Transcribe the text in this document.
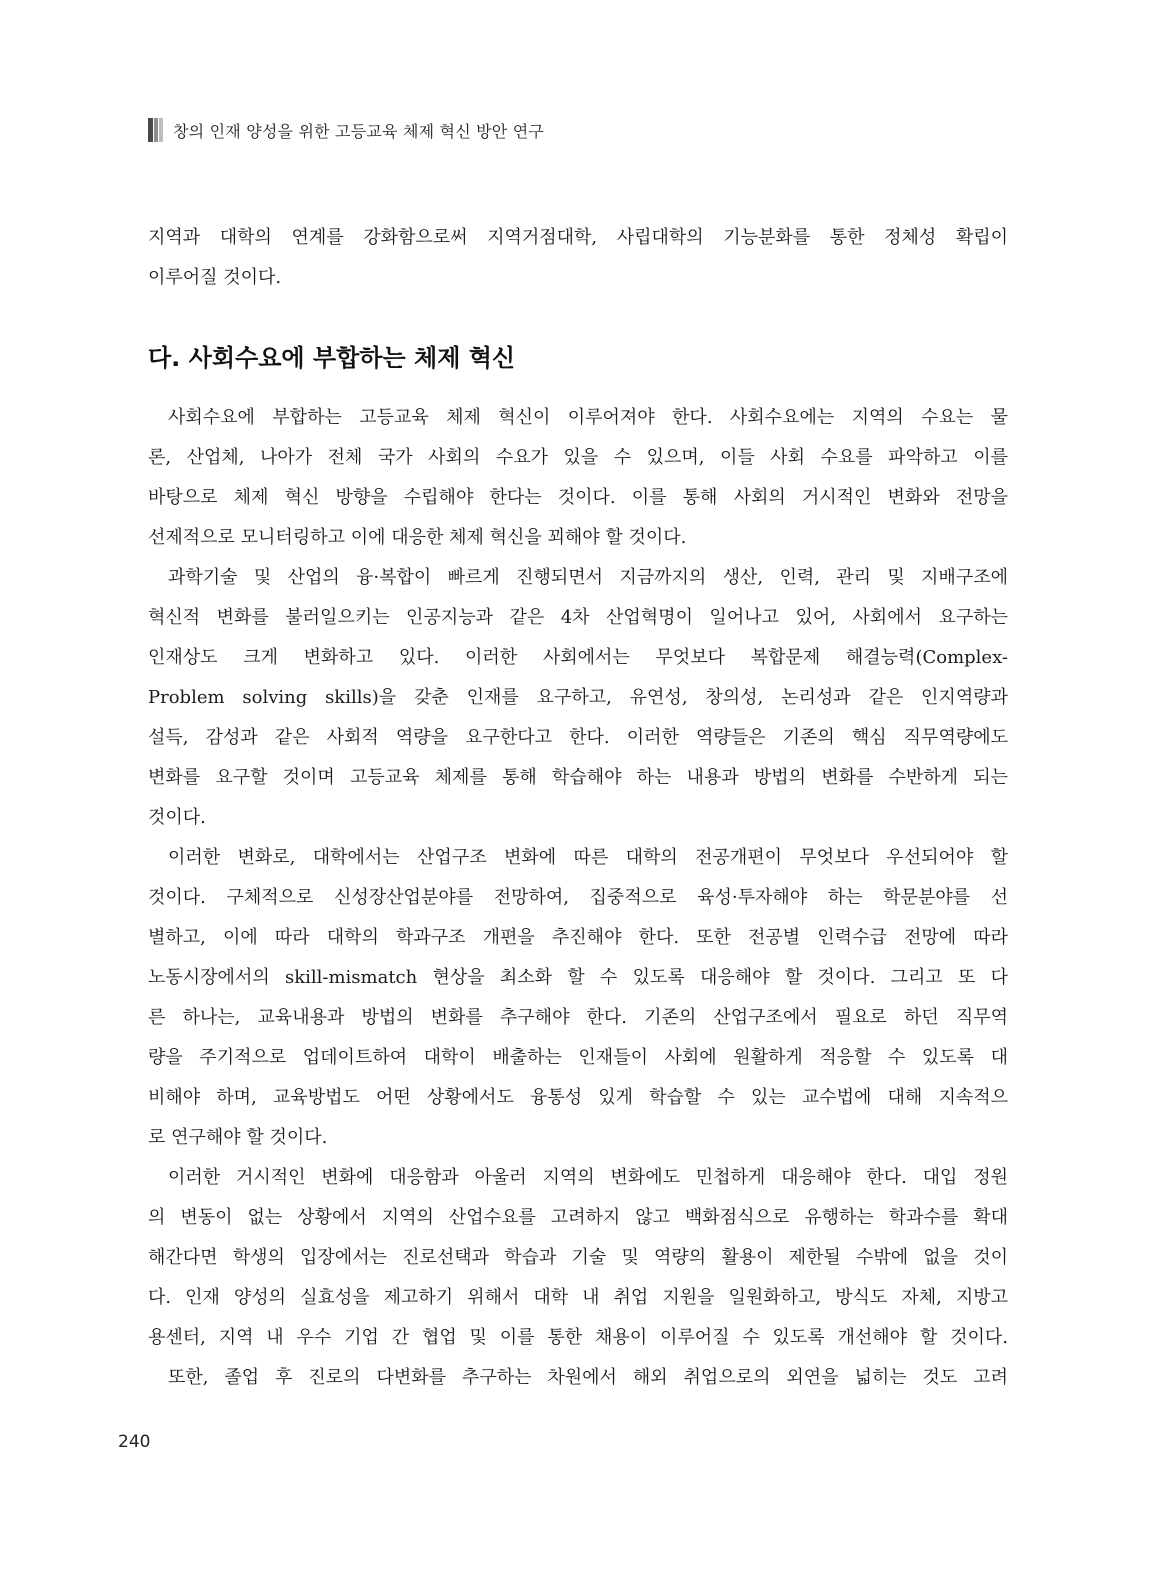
창의 인재 양성을 위한 고등교육 체제 혁신 방안 연구
지역과 대학의 연계를 강화함으로써 지역거점대학, 사립대학의 기능분화를 통한 정체성 확립이
이루어질 것이다.
다. 사회수요에 부합하는 체제 혁신
사회수요에 부합하는 고등교육 체제 혁신이 이루어져야 한다. 사회수요에는 지역의 수요는 물
론, 산업체, 나아가 전체 국가 사회의 수요가 있을 수 있으며, 이들 사회 수요를 파악하고 이를
바탕으로 체제 혁신 방향을 수립해야 한다는 것이다. 이를 통해 사회의 거시적인 변화와 전망을
선제적으로 모니터링하고 이에 대응한 체제 혁신을 꾀해야 할 것이다.
과학기술 및 산업의 융·복합이 빠르게 진행되면서 지금까지의 생산, 인력, 관리 및 지배구조에
혁신적 변화를 불러일으키는 인공지능과 같은 4차 산업혁명이 일어나고 있어, 사회에서 요구하는
인재상도 크게 변화하고 있다. 이러한 사회에서는 무엇보다 복합문제 해결능력(Complex-
Problem solving skills)을 갖춘 인재를 요구하고, 유연성, 창의성, 논리성과 같은 인지역량과
설득, 감성과 같은 사회적 역량을 요구한다고 한다. 이러한 역량들은 기존의 핵심 직무역량에도
변화를 요구할 것이며 고등교육 체제를 통해 학습해야 하는 내용과 방법의 변화를 수반하게 되는
것이다.
이러한 변화로, 대학에서는 산업구조 변화에 따른 대학의 전공개편이 무엇보다 우선되어야 할
것이다. 구체적으로 신성장산업분야를 전망하여, 집중적으로 육성·투자해야 하는 학문분야를 선
별하고, 이에 따라 대학의 학과구조 개편을 추진해야 한다. 또한 전공별 인력수급 전망에 따라
노동시장에서의 skill-mismatch 현상을 최소화 할 수 있도록 대응해야 할 것이다. 그리고 또 다
른 하나는, 교육내용과 방법의 변화를 추구해야 한다. 기존의 산업구조에서 필요로 하던 직무역
량을 주기적으로 업데이트하여 대학이 배출하는 인재들이 사회에 원활하게 적응할 수 있도록 대
비해야 하며, 교육방법도 어떤 상황에서도 융통성 있게 학습할 수 있는 교수법에 대해 지속적으
로 연구해야 할 것이다.
이러한 거시적인 변화에 대응함과 아울러 지역의 변화에도 민첩하게 대응해야 한다. 대입 정원
의 변동이 없는 상황에서 지역의 산업수요를 고려하지 않고 백화점식으로 유행하는 학과수를 확대
해간다면 학생의 입장에서는 진로선택과 학습과 기술 및 역량의 활용이 제한될 수밖에 없을 것이
다. 인재 양성의 실효성을 제고하기 위해서 대학 내 취업 지원을 일원화하고, 방식도 자체, 지방고
용센터, 지역 내 우수 기업 간 협업 및 이를 통한 채용이 이루어질 수 있도록 개선해야 할 것이다.
또한, 졸업 후 진로의 다변화를 추구하는 차원에서 해외 취업으로의 외연을 넓히는 것도 고려
240
